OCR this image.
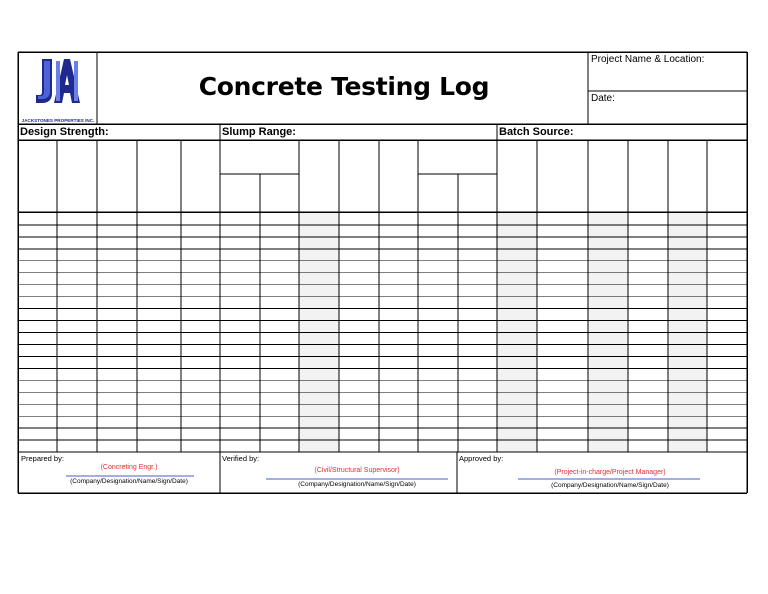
JACKSTONES PROPERTIES INC.
Concrete Testing Log
Project Name & Location:
Date:
Design Strength:	Slump Range:	Batch Source:
Prepared by:
(Concreting Engr.)
(Company/Designation/Name/Sign/Date)
Verified by:
(Civil/Structural Supervisor)
(Company/Designation/Name/Sign/Date)
Approved by:
(Project-in-charge/Project Manager)
(Company/Designation/Name/Sign/Date)
